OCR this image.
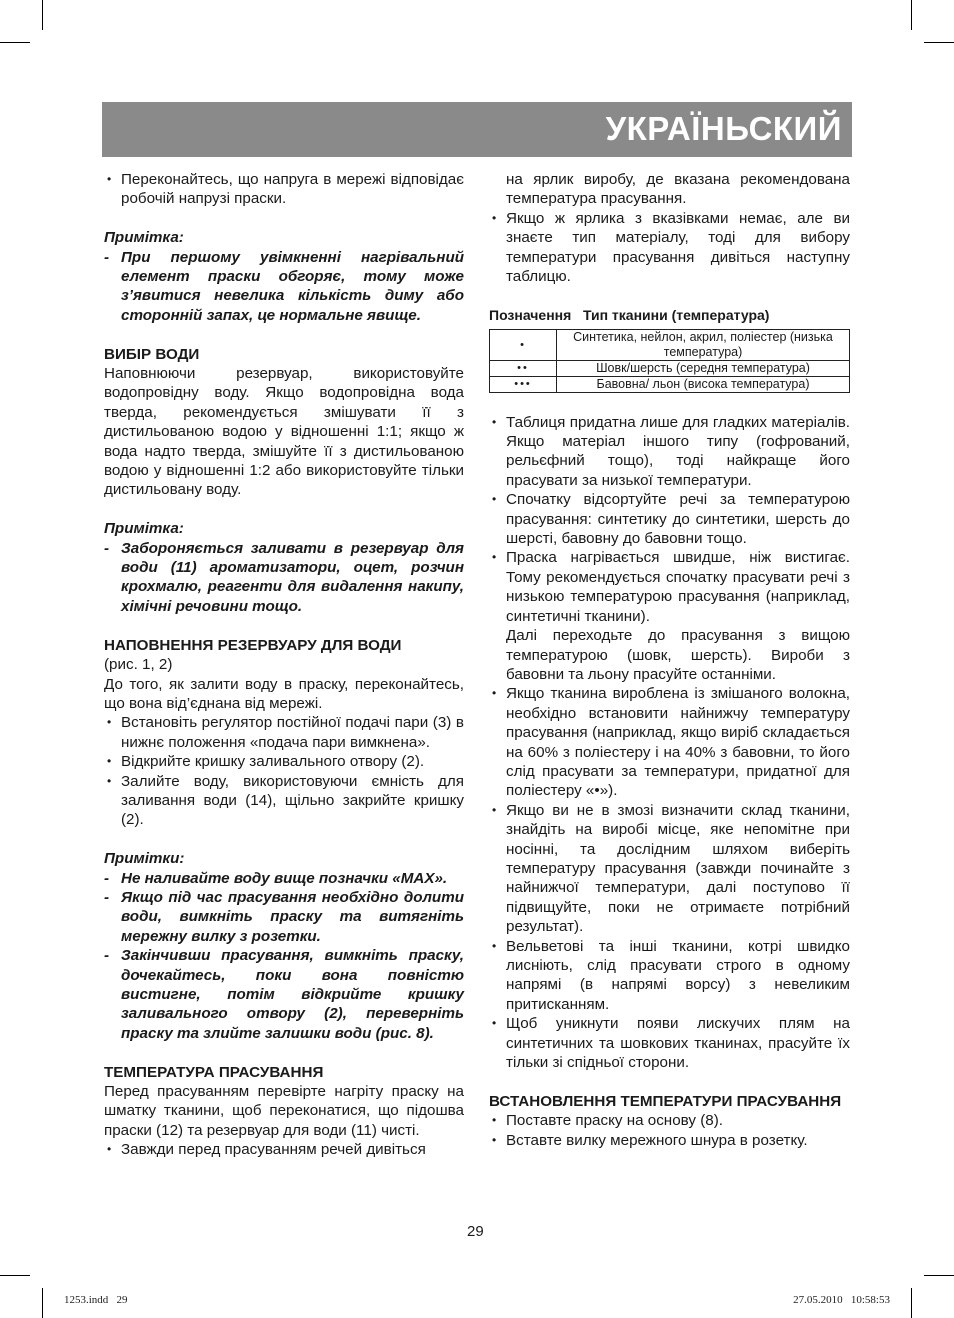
УКРАЇНЬСКИЙ

• Переконайтесь, що напруга в мережі відповідає робочій напрузі праски.

Примітка:

- При першому увімкненні нагрівальний елемент праски обгоряє, тому може з’явитися невелика кількість диму або сторонній запах, це нормальне явище.

ВИБІР ВОДИ

Наповнюючи резервуар, використовуйте водопровідну воду. Якщо водопровідна вода тверда, рекомендується змішувати її з дистильованою водою у відношенні 1:1; якщо ж вода надто тверда, змішуйте її з дистильованою водою у відношенні 1:2 або використовуйте тільки дистильовану воду.

Примітка:

- Забороняється заливати в резервуар для води (11) ароматизатори, оцет, розчин крохмалю, реагенти для видалення накипу, хімічні речовини тощо.

НАПОВНЕННЯ РЕЗЕРВУАРУ ДЛЯ ВОДИ

(рис. 1, 2)

До того, як залити воду в праску, переконайтесь, що вона від’єднана від мережі.

• Встановіть регулятор постійної подачі пари (3) в нижнє положення «подача пари вимкнена».

• Відкрийте кришку заливального отвору (2).

• Залийте воду, використовуючи ємність для заливання води (14), щільно закрийте кришку (2).

Примітки:

- Не наливайте воду вище позначки «MAX».

- Якщо під час прасування необхідно долити води, вимкніть праску та витягніть мережну вилку з розетки.

- Закінчивши прасування, вимкніть праску, дочекайтесь, поки вона повністю вистигне, потім відкрийте кришку заливального отвору (2), переверніть праску та злийте залишки води (рис. 8).

ТЕМПЕРАТУРА ПРАСУВАННЯ

Перед прасуванням перевірте нагріту праску на шматку тканини, щоб переконатися, що підошва праски (12) та резервуар для води (11) чисті.

• Завжди перед прасуванням речей дивіться

на ярлик виробу, де вказана рекомендована температура прасування.

• Якщо ж ярлика з вказівками немає, але ви знаєте тип матеріалу, тоді для вибору температури прасування дивіться наступну таблицю.

Позначення   Тип тканини (температура)

•	Синтетика, нейлон, акрил, поліестер (низька температура)
••	Шовк/шерсть (середня температура)
•••	Бавовна/ льон (висока температура)

• Таблиця придатна лише для гладких матеріалів. Якщо матеріал іншого типу (гофрований, рельєфний тощо), тоді найкраще його прасувати за низької температури.

• Спочатку відсортуйте речі за температурою прасування: синтетику до синтетики, шерсть до шерсті, бавовну до бавовни тощо.

• Праска нагрівається швидше, ніж вистигає. Тому рекомендується спочатку прасувати речі з низькою температурою прасування (наприклад, синтетичні тканини).

Далі переходьте до прасування з вищою температурою (шовк, шерсть). Вироби з бавовни та льону прасуйте останніми.

• Якщо тканина вироблена із змішаного волокна, необхідно встановити найнижчу температуру прасування (наприклад, якщо виріб складається на 60% з поліестеру і на 40% з бавовни, то його слід прасувати за температури, придатної для поліестеру «•»).

• Якщо ви не в змозі визначити склад тканини, знайдіть на виробі місце, яке непомітне при носінні, та дослідним шляхом виберіть температуру прасування (завжди починайте з найнижчої температури, далі поступово її підвищуйте, поки не отримаєте потрібний результат).

• Вельветові та інші тканини, котрі швидко лисніють, слід прасувати строго в одному напрямі (в напрямі ворсу) з невеликим притисканням.

• Щоб уникнути появи лискучих плям на синтетичних та шовкових тканинах, прасуйте їх тільки зі спідньої сторони.

ВСТАНОВЛЕННЯ ТЕМПЕРАТУРИ ПРАСУВАННЯ

• Поставте праску на основу (8).

• Вставте вилку мережного шнура в розетку.

29
1253.indd   29	27.05.2010   10:58:53
